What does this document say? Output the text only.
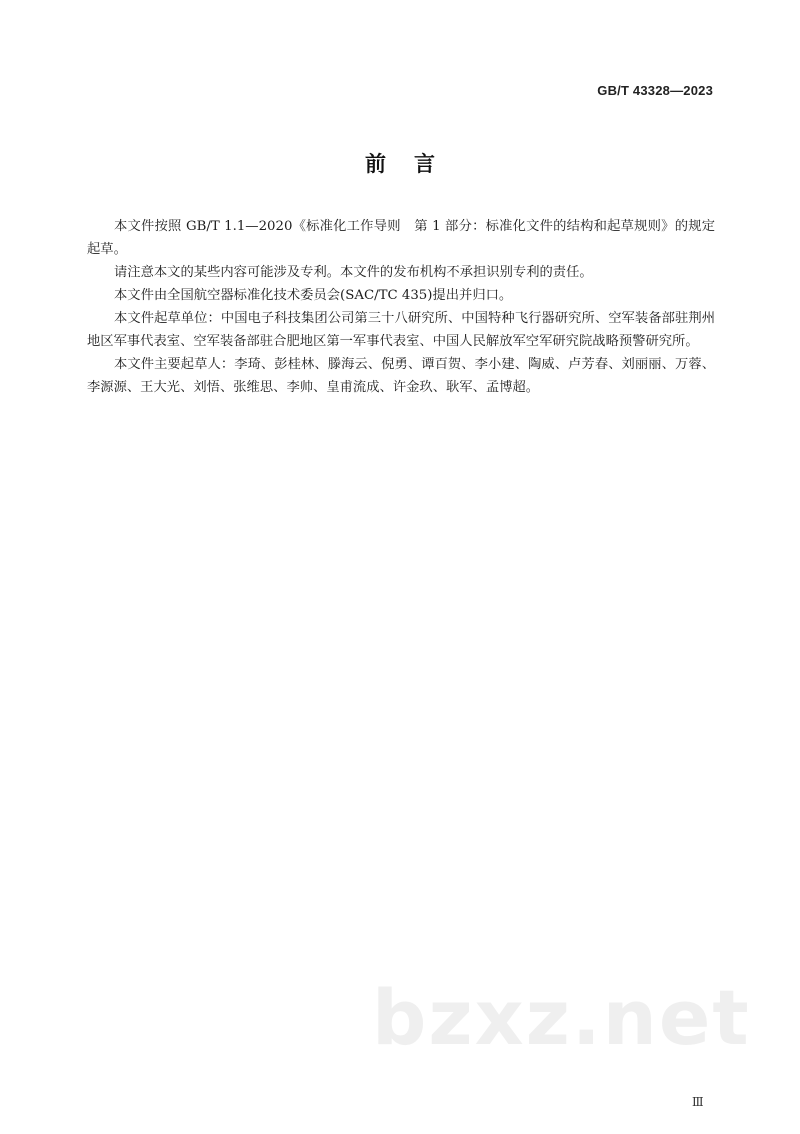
GB/T 43328—2023
前言

本文件按照 GB/T 1.1—2020《标准化工作导则　第 1 部分：标准化文件的结构和起草规则》的规定起草。

请注意本文的某些内容可能涉及专利。本文件的发布机构不承担识别专利的责任。

本文件由全国航空器标准化技术委员会(SAC/TC 435)提出并归口。

本文件起草单位：中国电子科技集团公司第三十八研究所、中国特种飞行器研究所、空军装备部驻荆州地区军事代表室、空军装备部驻合肥地区第一军事代表室、中国人民解放军空军研究院战略预警研究所。

本文件主要起草人：李琦、彭桂林、滕海云、倪勇、谭百贺、李小建、陶威、卢芳春、刘丽丽、万蓉、李源源、王大光、刘悟、张维思、李帅、皇甫流成、许金玖、耿军、孟博超。

bzxz.net
Ⅲ
